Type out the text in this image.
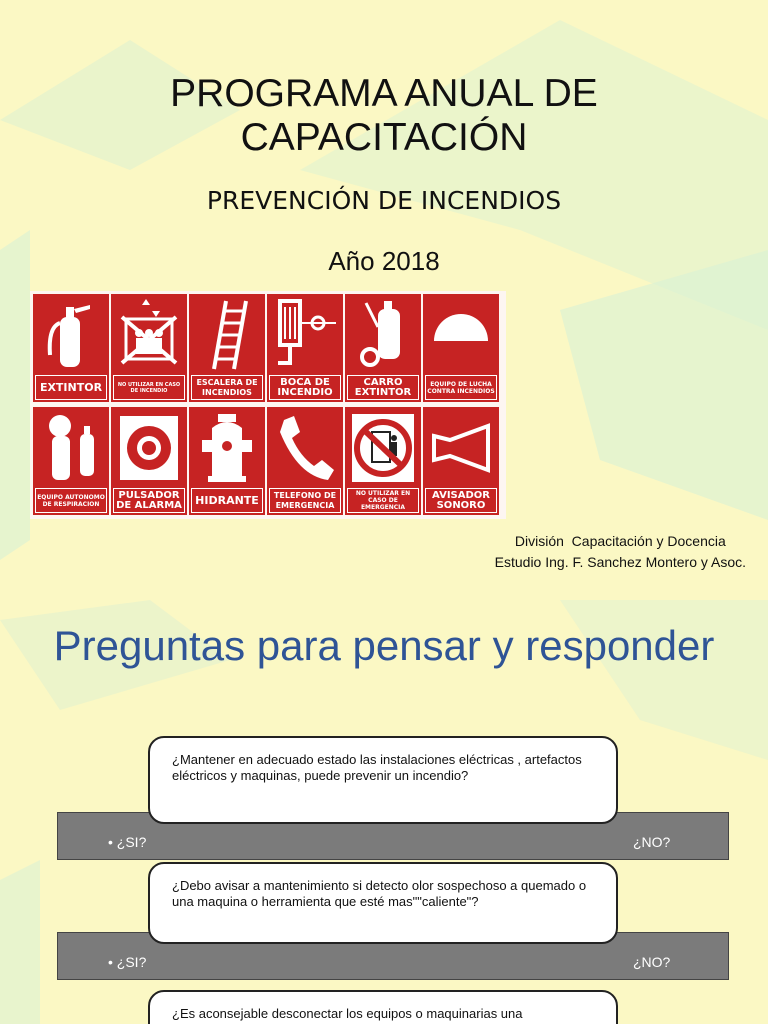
PROGRAMA ANUAL DE
CAPACITACIÓN
PREVENCIÓN DE INCENDIOS
Año 2018
EXTINTOR	NO UTILIZAR EN CASO DE INCENDIO
ESCALERA DE INCENDIOS
BOCA DE INCENDIO
CARRO EXTINTOR
EQUIPO DE LUCHA CONTRA INCENDIOS
EQUIPO AUTONOMO DE RESPIRACION
PULSADOR DE ALARMA	HIDRANTE	TELEFONO DE EMERGENCIA
NO UTILIZAR EN CASO DE EMERGENCIA
AVISADOR SONORO
División  Capacitación y Docencia
Estudio Ing. F. Sanchez Montero y Asoc.
Preguntas para pensar y responder
• ¿SI?	¿NO?
¿Mantener en adecuado estado las instalaciones eléctricas , artefactos eléctricos y maquinas, puede prevenir un incendio?
• ¿SI?	¿NO?
¿Debo avisar a mantenimiento si detecto olor sospechoso a quemado o una maquina o herramienta que esté mas""caliente"?
¿Es aconsejable desconectar los equipos o maquinarias una
